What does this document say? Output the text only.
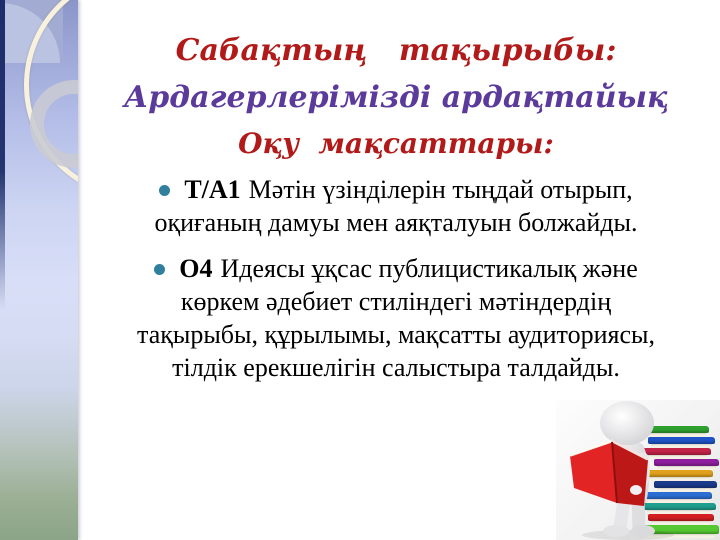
Сабақтың   тақырыбы:
Ардагерлерімізді ардақтайық
Оқу  мақсаттары:
Т/А1 Мәтін үзінділерін тыңдай отырып,
оқиғаның дамуы мен аяқталуын болжайды.
О4 Идеясы ұқсас публицистикалық және
көркем әдебиет стиліндегі мәтіндердің
тақырыбы, құрылымы, мақсатты аудиториясы,
тілдік ерекшелігін салыстыра талдайды.
